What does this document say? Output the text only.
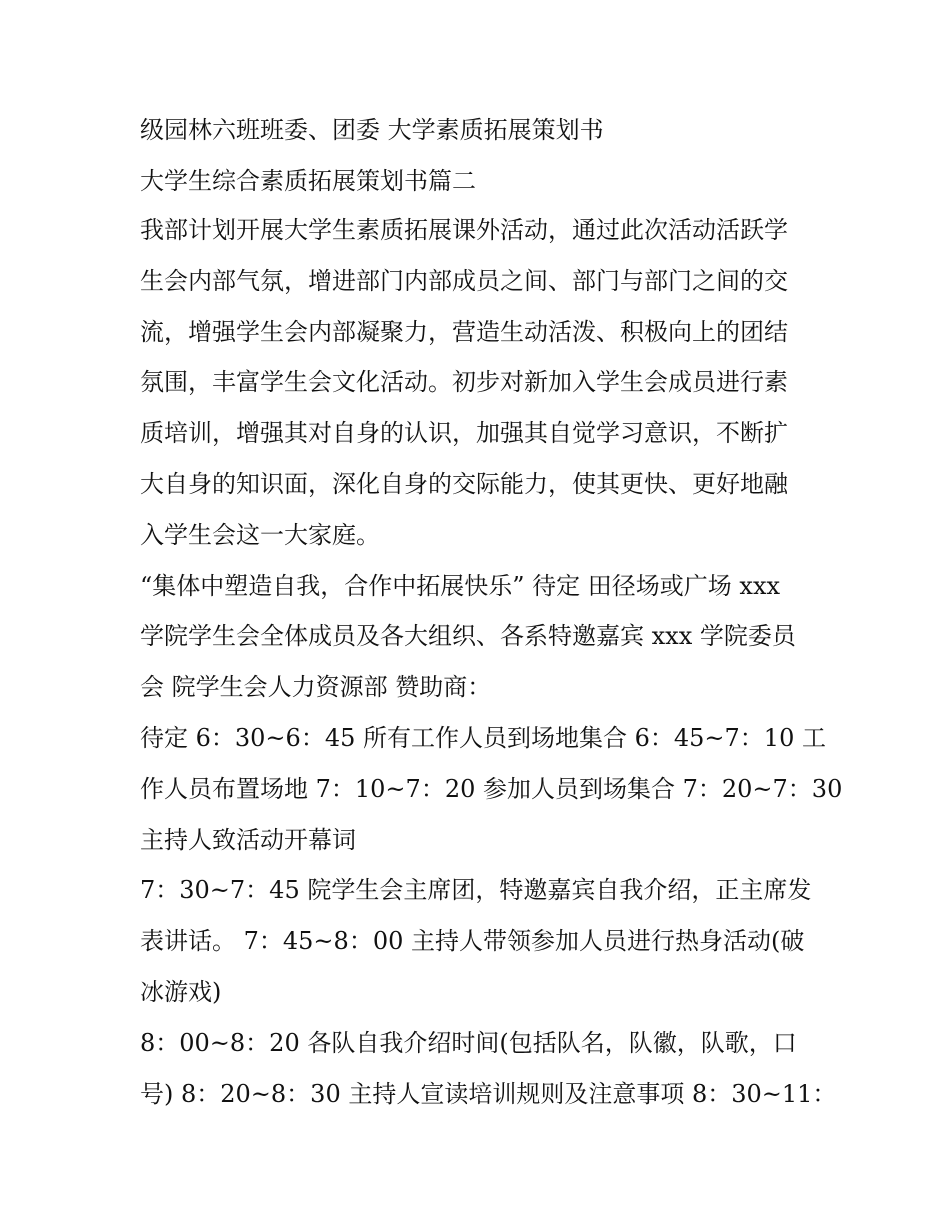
级园林六班班委、团委 大学素质拓展策划书
大学生综合素质拓展策划书篇二
我部计划开展大学生素质拓展课外活动，通过此次活动活跃学
生会内部气氛，增进部门内部成员之间、部门与部门之间的交
流，增强学生会内部凝聚力，营造生动活泼、积极向上的团结
氛围，丰富学生会文化活动。初步对新加入学生会成员进行素
质培训，增强其对自身的认识，加强其自觉学习意识，不断扩
大自身的知识面，深化自身的交际能力，使其更快、更好地融
入学生会这一大家庭。
“集体中塑造自我，合作中拓展快乐” 待定 田径场或广场 xxx
学院学生会全体成员及各大组织、各系特邀嘉宾 xxx 学院委员
会 院学生会人力资源部 赞助商：
待定 6：30~6：45 所有工作人员到场地集合 6：45~7：10 工
作人员布置场地 7：10~7：20 参加人员到场集合 7：20~7：30
主持人致活动开幕词
7：30~7：45 院学生会主席团，特邀嘉宾自我介绍，正主席发
表讲话。 7：45~8：00 主持人带领参加人员进行热身活动(破
冰游戏)
8：00~8：20 各队自我介绍时间(包括队名，队徽，队歌，口
号) 8：20~8：30 主持人宣读培训规则及注意事项 8：30~11：
